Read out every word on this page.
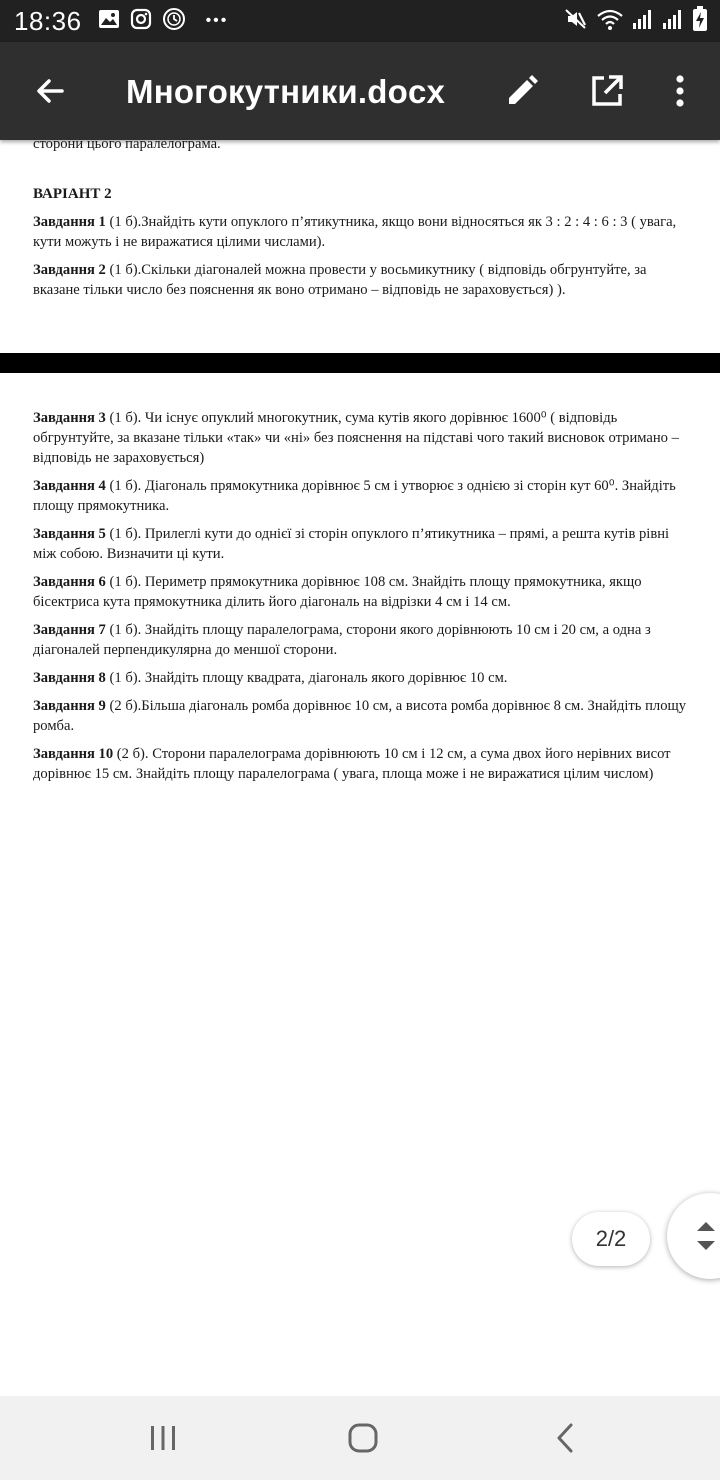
18:36	•••
Многокутники.docx
сторони цього паралелограма.
ВАРІАНТ 2
Завдання 1 (1 б).Знайдіть кути опуклого п’ятикутника, якщо вони відносяться як 3 : 2 : 4 : 6 : 3 ( увага,
кути можуть і не виражатися цілими числами).
Завдання 2 (1 б).Скільки діагоналей можна провести у восьмикутнику ( відповідь обгрунтуйте, за
вказане тільки число без пояснення як воно отримано – відповідь не зараховується) ).
Завдання 3 (1 б). Чи існує опуклий многокутник, сума кутів якого дорівнює 1600⁰ ( відповідь
обгрунтуйте, за вказане тільки «так» чи «ні» без пояснення на підставі чого такий висновок отримано –
відповідь не зараховується)
Завдання 4 (1 б). Діагональ прямокутника дорівнює 5 см і утворює з однією зі сторін кут 60⁰. Знайдіть
площу прямокутника.
Завдання 5 (1 б). Прилеглі кути до однієї зі сторін опуклого п’ятикутника – прямі, а решта кутів рівні
між собою. Визначити ці кути.
Завдання 6 (1 б). Периметр прямокутника дорівнює 108 см. Знайдіть площу прямокутника, якщо
бісектриса кута прямокутника ділить його діагональ на відрізки 4 см і 14 см.
Завдання 7 (1 б). Знайдіть площу паралелограма, сторони якого дорівнюють 10 см і 20 см, а одна з
діагоналей перпендикулярна до меншої сторони.
Завдання 8 (1 б). Знайдіть площу квадрата, діагональ якого дорівнює 10 см.
Завдання 9 (2 б).Більша діагональ ромба дорівнює 10 см, а висота ромба дорівнює 8 см. Знайдіть площу
ромба.
Завдання 10 (2 б). Сторони паралелограма дорівнюють 10 см і 12 см, а сума двох його нерівних висот
дорівнює 15 см. Знайдіть площу паралелограма ( увага, площа може і не виражатися цілим числом)
2/2
